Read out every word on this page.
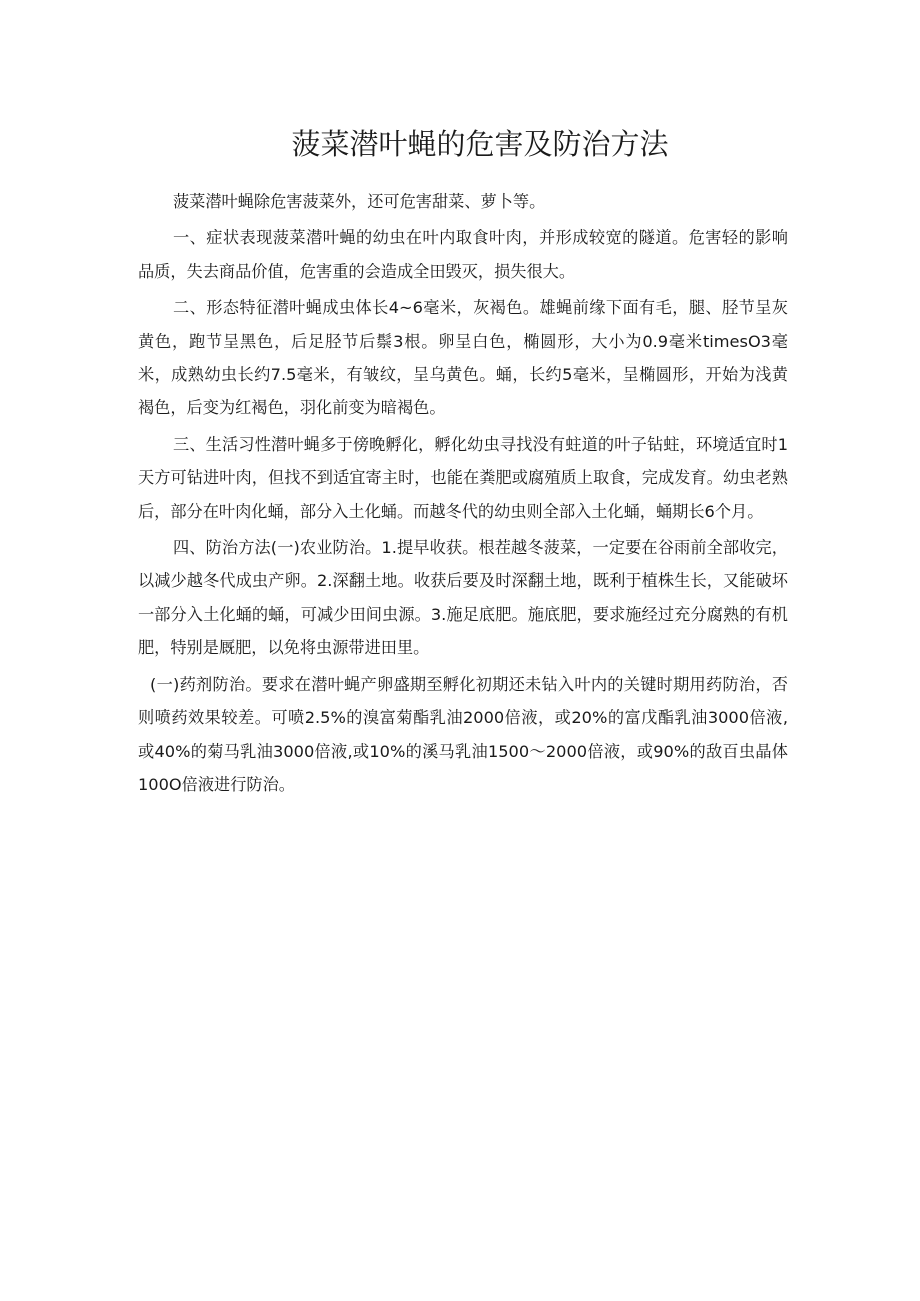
菠菜潜叶蝇的危害及防治方法

菠菜潜叶蝇除危害菠菜外，还可危害甜菜、萝卜等。

一、症状表现菠菜潜叶蝇的幼虫在叶内取食叶肉，并形成较宽的隧道。危害轻的影响品质，失去商品价值，危害重的会造成全田毁灭，损失很大。

二、形态特征潜叶蝇成虫体长4~6毫米，灰褐色。雄蝇前缘下面有毛，腿、胫节呈灰黄色，跑节呈黑色，后足胫节后鬃3根。卵呈白色，椭圆形，大小为0.9毫米timesO3毫米，成熟幼虫长约7.5毫米，有皱纹，呈乌黄色。蛹，长约5毫米，呈椭圆形，开始为浅黄褐色，后变为红褐色，羽化前变为暗褐色。

三、生活习性潜叶蝇多于傍晚孵化，孵化幼虫寻找没有蛀道的叶子钻蛀，环境适宜时1天方可钻进叶肉，但找不到适宜寄主时，也能在粪肥或腐殖质上取食，完成发育。幼虫老熟后，部分在叶肉化蛹，部分入土化蛹。而越冬代的幼虫则全部入土化蛹，蛹期长6个月。

四、防治方法(一)农业防治。1.提早收获。根茬越冬菠菜，一定要在谷雨前全部收完，以减少越冬代成虫产卵。2.深翻土地。收获后要及时深翻土地，既利于植株生长，又能破坏一部分入土化蛹的蛹，可减少田间虫源。3.施足底肥。施底肥，要求施经过充分腐熟的有机肥，特别是厩肥，以免将虫源带进田里。

(一)药剂防治。要求在潜叶蝇产卵盛期至孵化初期还未钻入叶内的关键时期用药防治，否则喷药效果较差。可喷2.5%的溴富菊酯乳油2000倍液，或20%的富戊酯乳油3000倍液,或40%的菊马乳油3000倍液,或10%的溪马乳油1500～2000倍液，或90%的敌百虫晶体100O倍液进行防治。
